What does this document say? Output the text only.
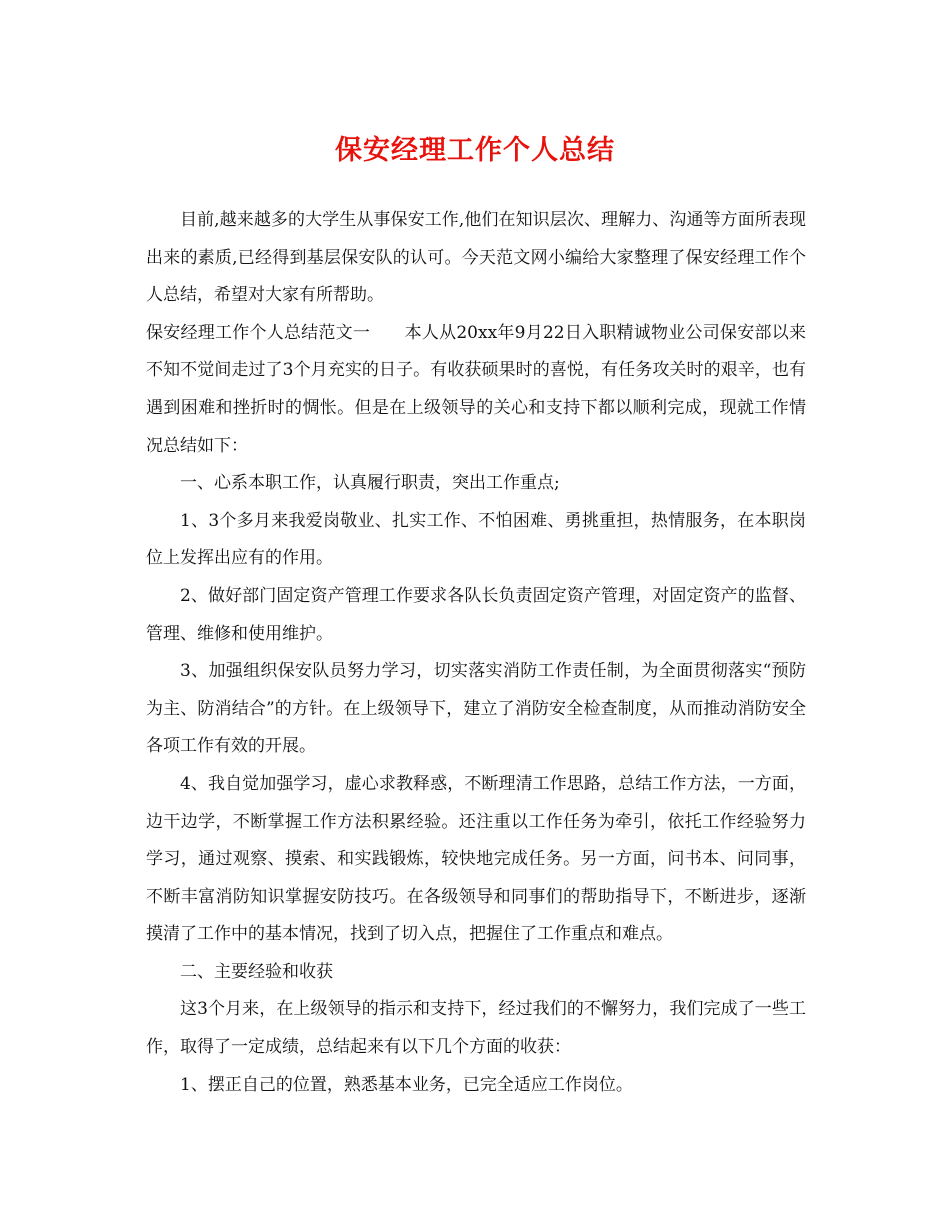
保安经理工作个人总结

目前,越来越多的大学生从事保安工作,他们在知识层次、理解力、沟通等方面所表现出来的素质,已经得到基层保安队的认可。今天范文网小编给大家整理了保安经理工作个人总结，希望对大家有所帮助。

保安经理工作个人总结范文一　　本人从20xx年9月22日入职精诚物业公司保安部以来不知不觉间走过了3个月充实的日子。有收获硕果时的喜悦，有任务攻关时的艰辛，也有遇到困难和挫折时的惆怅。但是在上级领导的关心和支持下都以顺利完成，现就工作情况总结如下：

一、心系本职工作，认真履行职责，突出工作重点;

1、3个多月来我爱岗敬业、扎实工作、不怕困难、勇挑重担，热情服务，在本职岗位上发挥出应有的作用。

2、做好部门固定资产管理工作要求各队长负责固定资产管理，对固定资产的监督、管理、维修和使用维护。

3、加强组织保安队员努力学习，切实落实消防工作责任制，为全面贯彻落实“预防为主、防消结合”的方针。在上级领导下，建立了消防安全检查制度，从而推动消防安全各项工作有效的开展。

4、我自觉加强学习，虚心求教释惑，不断理清工作思路，总结工作方法，一方面，边干边学，不断掌握工作方法积累经验。还注重以工作任务为牵引，依托工作经验努力学习，通过观察、摸索、和实践锻炼，较快地完成任务。另一方面，问书本、问同事，不断丰富消防知识掌握安防技巧。在各级领导和同事们的帮助指导下，不断进步，逐渐摸清了工作中的基本情况，找到了切入点，把握住了工作重点和难点。

二、主要经验和收获

这3个月来，在上级领导的指示和支持下，经过我们的不懈努力，我们完成了一些工作，取得了一定成绩，总结起来有以下几个方面的收获：

1、摆正自己的位置，熟悉基本业务，已完全适应工作岗位。
